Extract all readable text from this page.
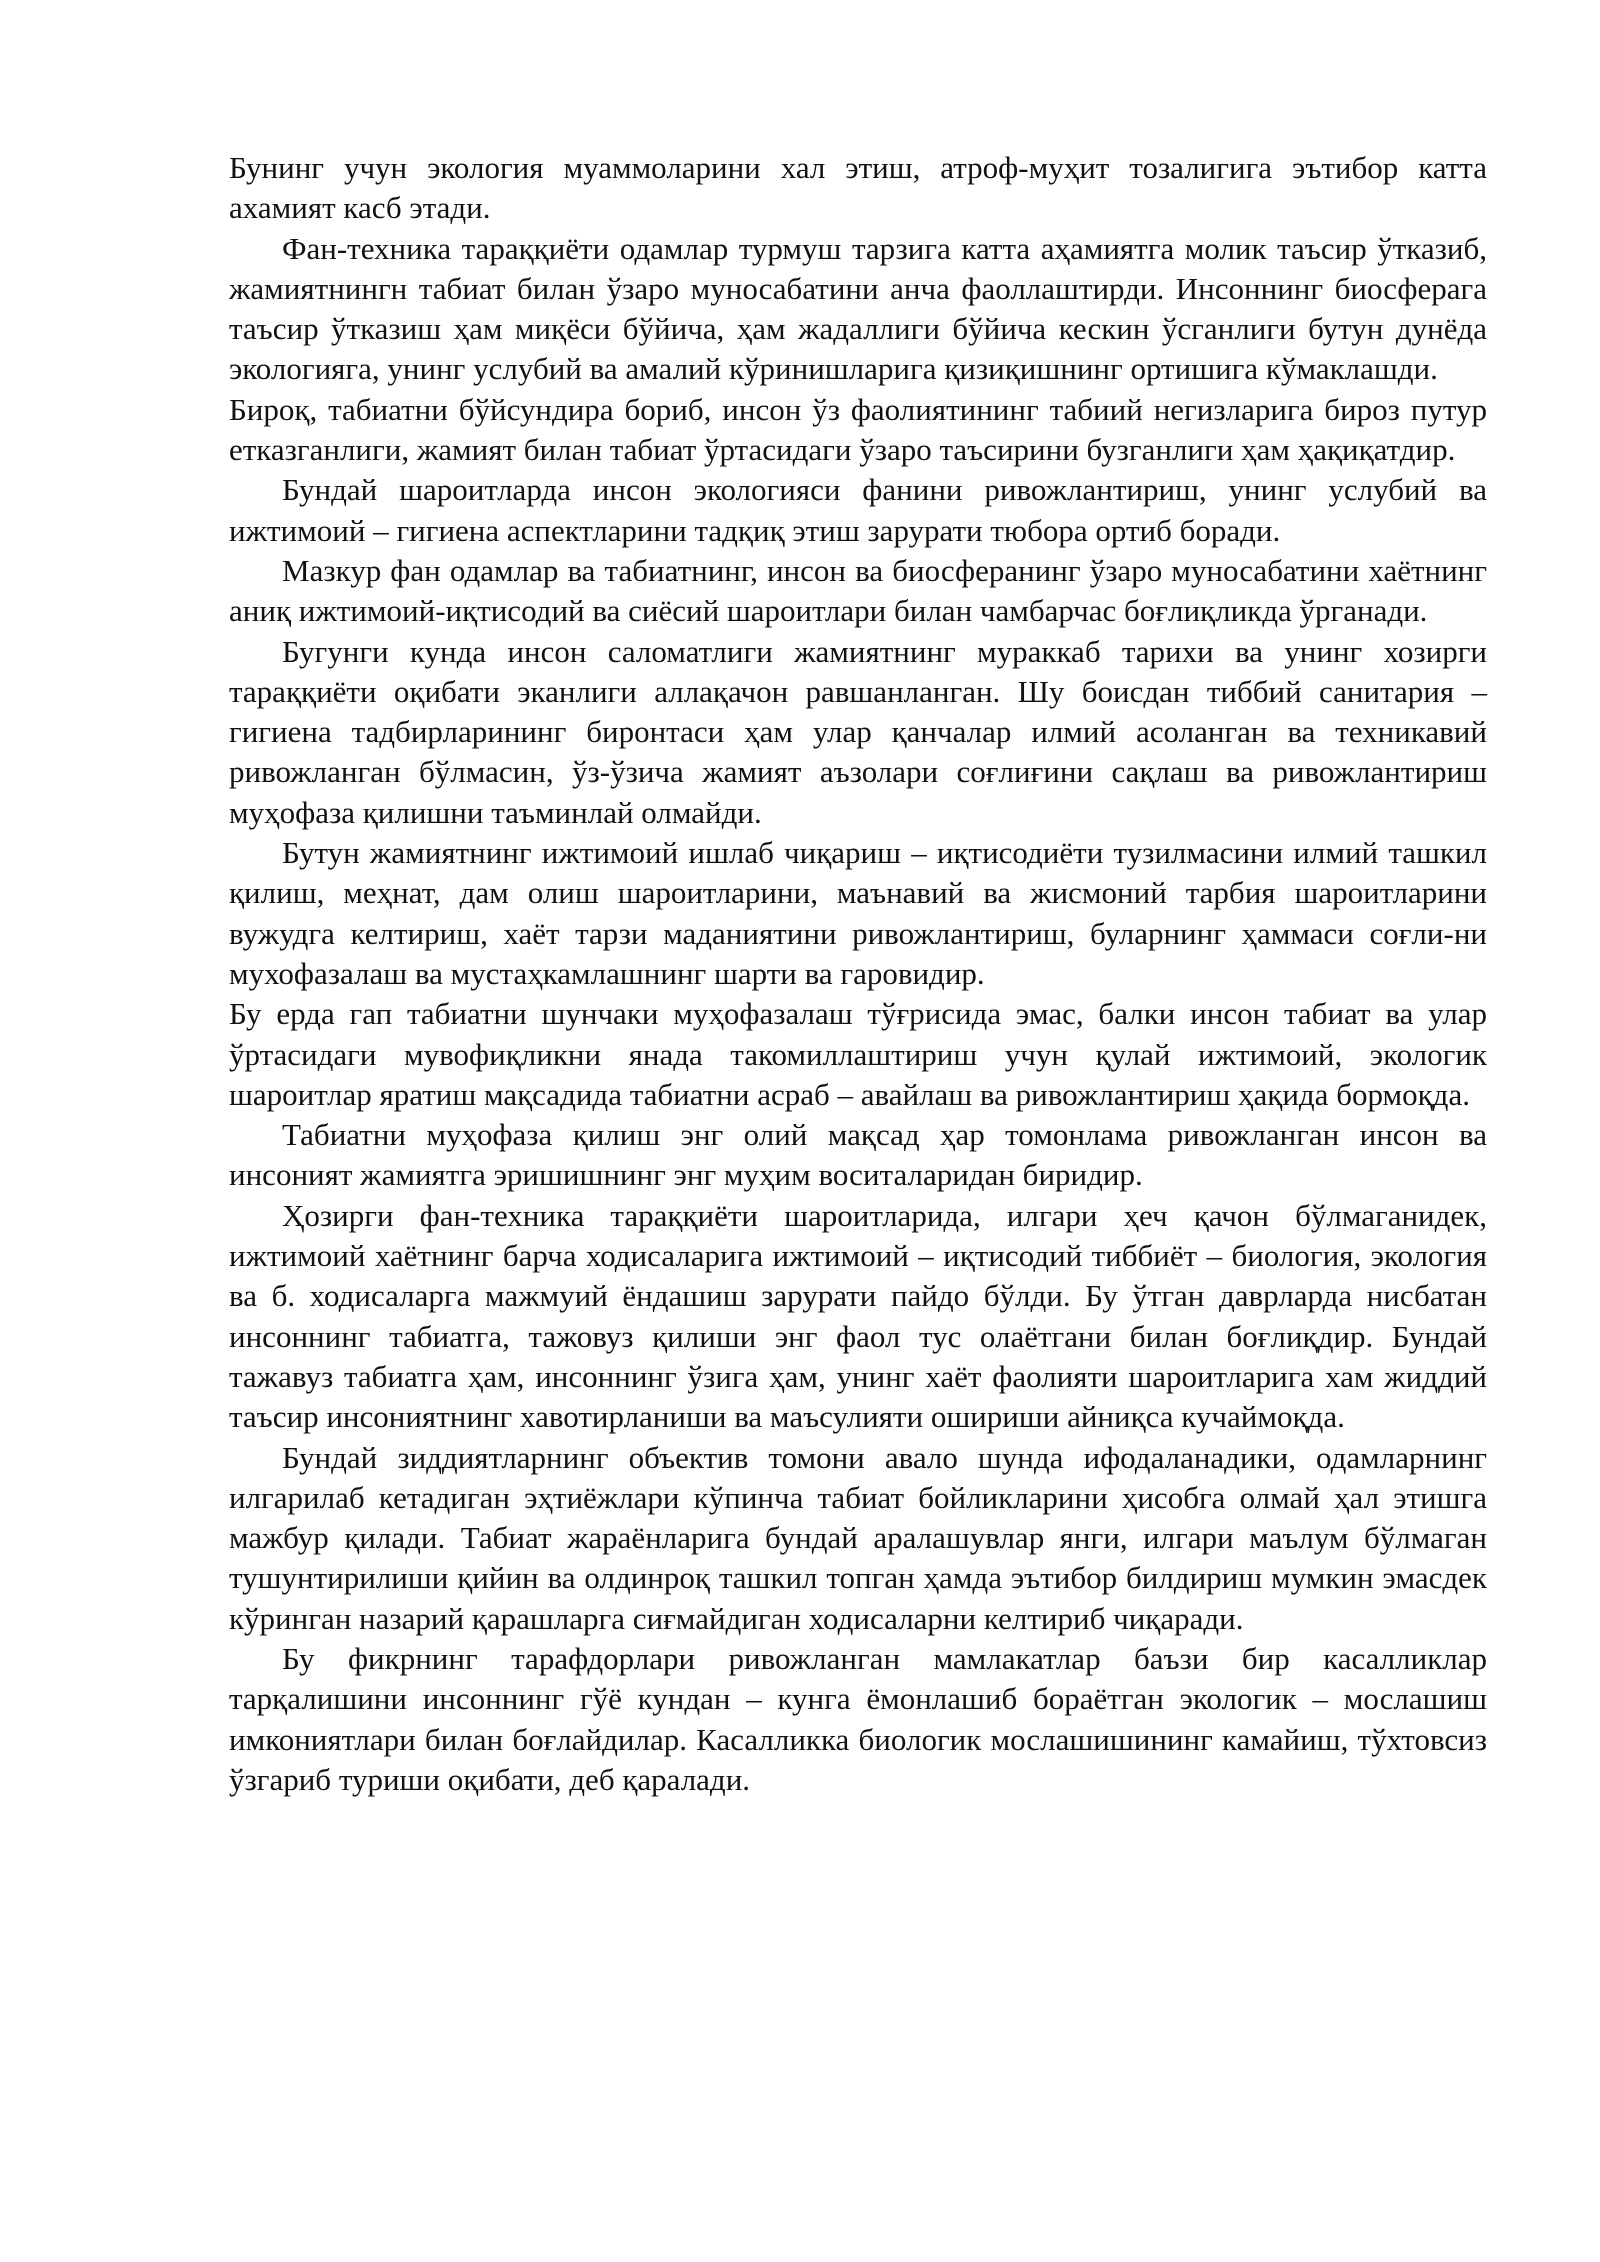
Бунинг учун экология муаммоларини хал этиш, атроф-муҳит тозалигига эътибор катта ахамият касб этади.

Фан-техника тараққиёти одамлар турмуш тарзига катта аҳамиятга молик таъсир ўтказиб, жамиятнингн табиат билан ўзаро муносабатини анча фаоллаштирди. Инсоннинг биосферага таъсир ўтказиш ҳам миқёси бўйича, ҳам жадаллиги бўйича кескин ўсганлиги бутун дунёда экологияга, унинг услубий ва амалий кўринишларига қизиқишнинг ортишига кўмаклашди.

Бироқ, табиатни бўйсундира бориб, инсон ўз фаолиятининг табиий негизларига бироз путур етказганлиги, жамият билан табиат ўртасидаги ўзаро таъсирини бузганлиги ҳам ҳақиқатдир.

Бундай шароитларда инсон экологияси фанини ривожлантириш, унинг услубий ва ижтимоий – гигиена аспектларини тадқиқ этиш зарурати тюбора ортиб боради.

Мазкур фан одамлар ва табиатнинг, инсон ва биосферанинг ўзаро муносабатини хаётнинг аниқ ижтимоий-иқтисодий ва сиёсий шароитлари билан чамбарчас боғлиқликда ўрганади.

Бугунги кунда инсон саломатлиги жамиятнинг мураккаб тарихи ва унинг хозирги тараққиёти оқибати эканлиги аллақачон равшанланган. Шу боисдан тиббий санитария – гигиена тадбирларининг биронтаси ҳам улар қанчалар илмий асоланган ва техникавий ривожланган бўлмасин, ўз-ўзича жамият аъзолари соғлиғини сақлаш ва ривожлантириш муҳофаза қилишни таъминлай олмайди.

Бутун жамиятнинг ижтимоий ишлаб чиқариш – иқтисодиёти тузилмасини илмий ташкил қилиш, меҳнат, дам олиш шароитларини, маънавий ва жисмоний тарбия шароитларини вужудга келтириш, хаёт тарзи маданиятини ривожлантириш, буларнинг ҳаммаси соғли-ни мухофазалаш ва мустаҳкамлашнинг шарти ва гаровидир.

Бу ерда гап табиатни шунчаки муҳофазалаш тўғрисида эмас, балки инсон табиат ва улар ўртасидаги мувофиқликни янада такомиллаштириш учун қулай ижтимоий, экологик шароитлар яратиш мақсадида табиатни асраб – авайлаш ва ривожлантириш ҳақида бормоқда.

Табиатни муҳофаза қилиш энг олий мақсад ҳар томонлама ривожланган инсон ва инсоният жамиятга эришишнинг энг муҳим воситаларидан биридир.

Ҳозирги фан-техника тараққиёти шароитларида, илгари ҳеч қачон бўлмаганидек, ижтимоий хаётнинг барча ходисаларига ижтимоий – иқтисодий тиббиёт – биология, экология ва б. ходисаларга мажмуий ёндашиш зарурати пайдо бўлди. Бу ўтган даврларда нисбатан инсоннинг табиатга, тажовуз қилиши энг фаол тус олаётгани билан боғлиқдир. Бундай тажавуз табиатга ҳам, инсоннинг ўзига ҳам, унинг хаёт фаолияти шароитларига хам жиддий таъсир инсониятнинг хавотирланиши ва маъсулияти ошириши айниқса кучаймоқда.

Бундай зиддиятларнинг объектив томони авало шунда ифодаланадики, одамларнинг илгарилаб кетадиган эҳтиёжлари кўпинча табиат бойликларини ҳисобга олмай ҳал этишга мажбур қилади. Табиат жараёнларига бундай аралашувлар янги, илгари маълум бўлмаган тушунтирилиши қийин ва олдинроқ ташкил топган ҳамда эътибор билдириш мумкин эмасдек кўринган назарий қарашларга сиғмайдиган ходисаларни келтириб чиқаради.

Бу фикрнинг тарафдорлари ривожланган мамлакатлар баъзи бир касалликлар тарқалишини инсоннинг гўё кундан – кунга ёмонлашиб бораётган экологик – мослашиш имкониятлари билан боғлайдилар. Касалликка биологик мослашишининг камайиш, тўхтовсиз ўзгариб туриши оқибати, деб қаралади.
